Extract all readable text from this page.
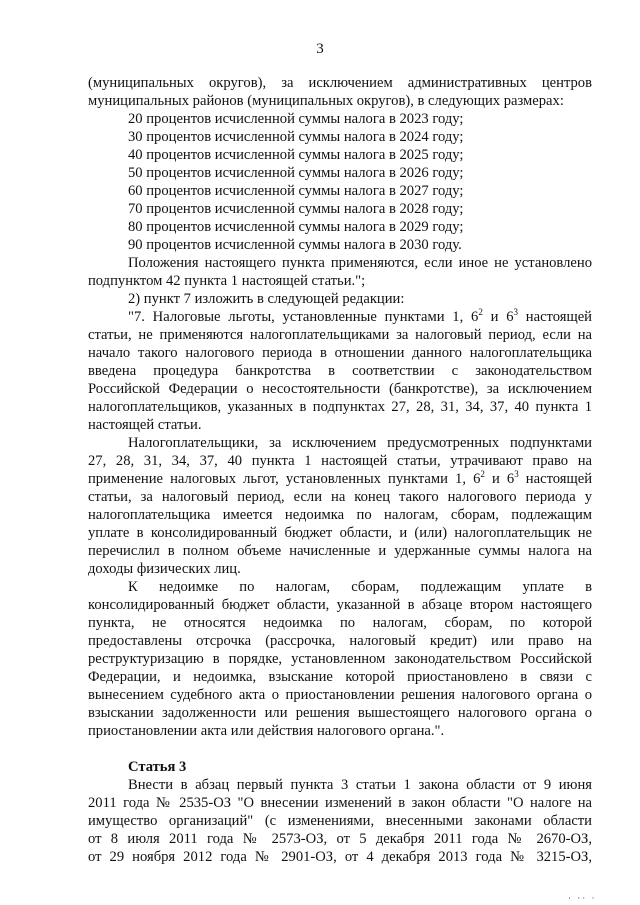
3

(муниципальных округов), за исключением административных центров

муниципальных районов (муниципальных округов), в следующих размерах:

20 процентов исчисленной суммы налога в 2023 году;

30 процентов исчисленной суммы налога в 2024 году;

40 процентов исчисленной суммы налога в 2025 году;

50 процентов исчисленной суммы налога в 2026 году;

60 процентов исчисленной суммы налога в 2027 году;

70 процентов исчисленной суммы налога в 2028 году;

80 процентов исчисленной суммы налога в 2029 году;

90 процентов исчисленной суммы налога в 2030 году.

Положения настоящего пункта применяются, если иное не установлено

подпунктом 42 пункта 1 настоящей статьи.";

2) пункт 7 изложить в следующей редакции:

"7. Налоговые льготы, установленные пунктами 1, $6^2$ и $6^3$ настоящей

статьи, не применяются налогоплательщиками за налоговый период, если на

начало такого налогового периода в отношении данного налогоплательщика

введена процедура банкротства в соответствии с законодательством

Российской Федерации о несостоятельности (банкротстве), за исключением

налогоплательщиков, указанных в подпунктах 27, 28, 31, 34, 37, 40 пункта 1

настоящей статьи.

Налогоплательщики, за исключением предусмотренных подпунктами

27, 28, 31, 34, 37, 40 пункта 1 настоящей статьи, утрачивают право на

применение налоговых льгот, установленных пунктами 1, $6^2$ и $6^3$ настоящей

статьи, за налоговый период, если на конец такого налогового периода у

налогоплательщика имеется недоимка по налогам, сборам, подлежащим

уплате в консолидированный бюджет области, и (или) налогоплательщик не

перечислил в полном объеме начисленные и удержанные суммы налога на

доходы физических лиц.

К недоимке по налогам, сборам, подлежащим уплате в

консолидированный бюджет области, указанной в абзаце втором настоящего

пункта, не относятся недоимка по налогам, сборам, по которой

предоставлены отсрочка (рассрочка, налоговый кредит) или право на

реструктуризацию в порядке, установленном законодательством Российской

Федерации, и недоимка, взыскание которой приостановлено в связи с

вынесением судебного акта о приостановлении решения налогового органа о

взыскании задолженности или решения вышестоящего налогового органа о

приостановлении акта или действия налогового органа.".

Статья 3

Внести в абзац первый пункта 3 статьи 1 закона области от 9 июня

2011 года № 2535-ОЗ "О внесении изменений в закон области "О налоге на

имущество организаций" (с изменениями, внесенными законами области

от 8 июля 2011 года № 2573-ОЗ, от 5 декабря 2011 года № 2670-ОЗ,

от 29 ноября 2012 года № 2901-ОЗ, от 4 декабря 2013 года № 3215-ОЗ,

· ·· ·
